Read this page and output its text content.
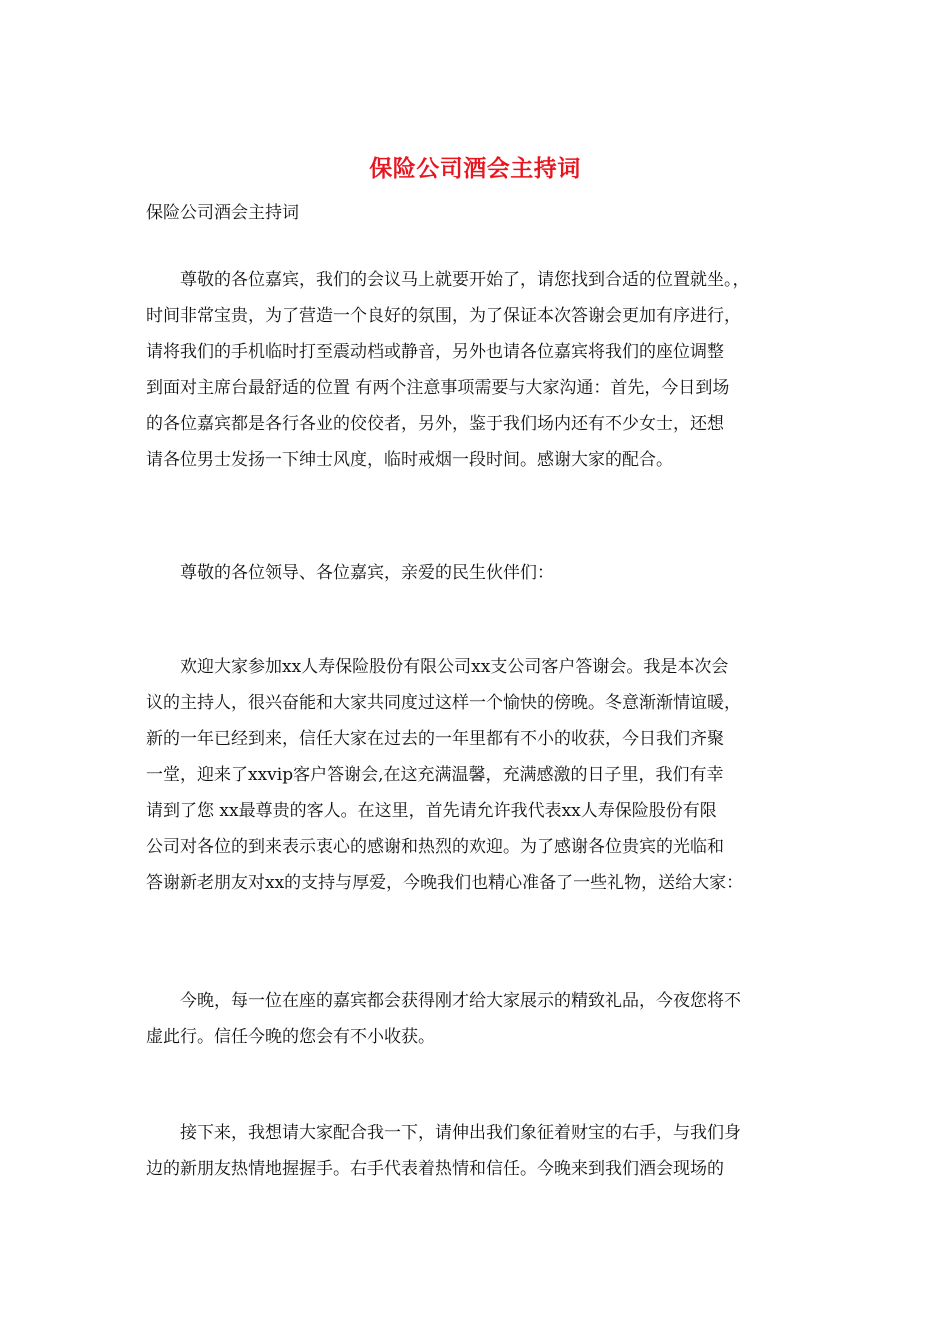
保险公司酒会主持词

保险公司酒会主持词

　　尊敬的各位嘉宾，我们的会议马上就要开始了，请您找到合适的位置就坐。，
时间非常宝贵，为了营造一个良好的氛围，为了保证本次答谢会更加有序进行，
请将我们的手机临时打至震动档或静音，另外也请各位嘉宾将我们的座位调整
到面对主席台最舒适的位置 有两个注意事项需要与大家沟通：首先，今日到场
的各位嘉宾都是各行各业的佼佼者，另外，鉴于我们场内还有不少女士，还想
请各位男士发扬一下绅士风度，临时戒烟一段时间。感谢大家的配合。

　　尊敬的各位领导、各位嘉宾，亲爱的民生伙伴们：

　　欢迎大家参加xx人寿保险股份有限公司xx支公司客户答谢会。我是本次会
议的主持人，很兴奋能和大家共同度过这样一个愉快的傍晚。冬意渐渐情谊暖，
新的一年已经到来，信任大家在过去的一年里都有不小的收获，今日我们齐聚
一堂，迎来了xxvip客户答谢会,在这充满温馨，充满感激的日子里，我们有幸
请到了您 xx最尊贵的客人。在这里，首先请允许我代表xx人寿保险股份有限
公司对各位的到来表示衷心的感谢和热烈的欢迎。为了感谢各位贵宾的光临和
答谢新老朋友对xx的支持与厚爱，今晚我们也精心准备了一些礼物，送给大家：

　　今晚，每一位在座的嘉宾都会获得刚才给大家展示的精致礼品，今夜您将不
虚此行。信任今晚的您会有不小收获。

　　接下来，我想请大家配合我一下，请伸出我们象征着财宝的右手，与我们身
边的新朋友热情地握握手。右手代表着热情和信任。今晚来到我们酒会现场的
